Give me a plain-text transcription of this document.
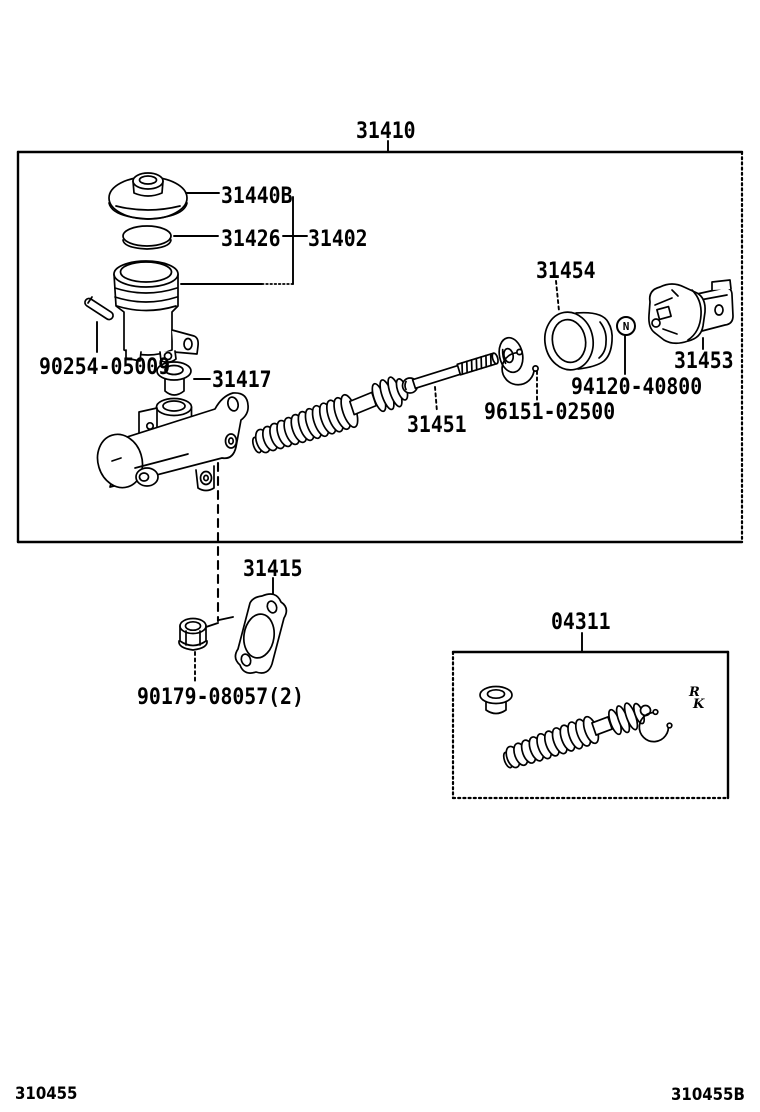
31410
31440B
31426 31402
90254-05009
31417
31454
31453
94120-40800
96151-02500
31451
31415
90179-08057(2)
04311
N
R
K
310455	310455B
